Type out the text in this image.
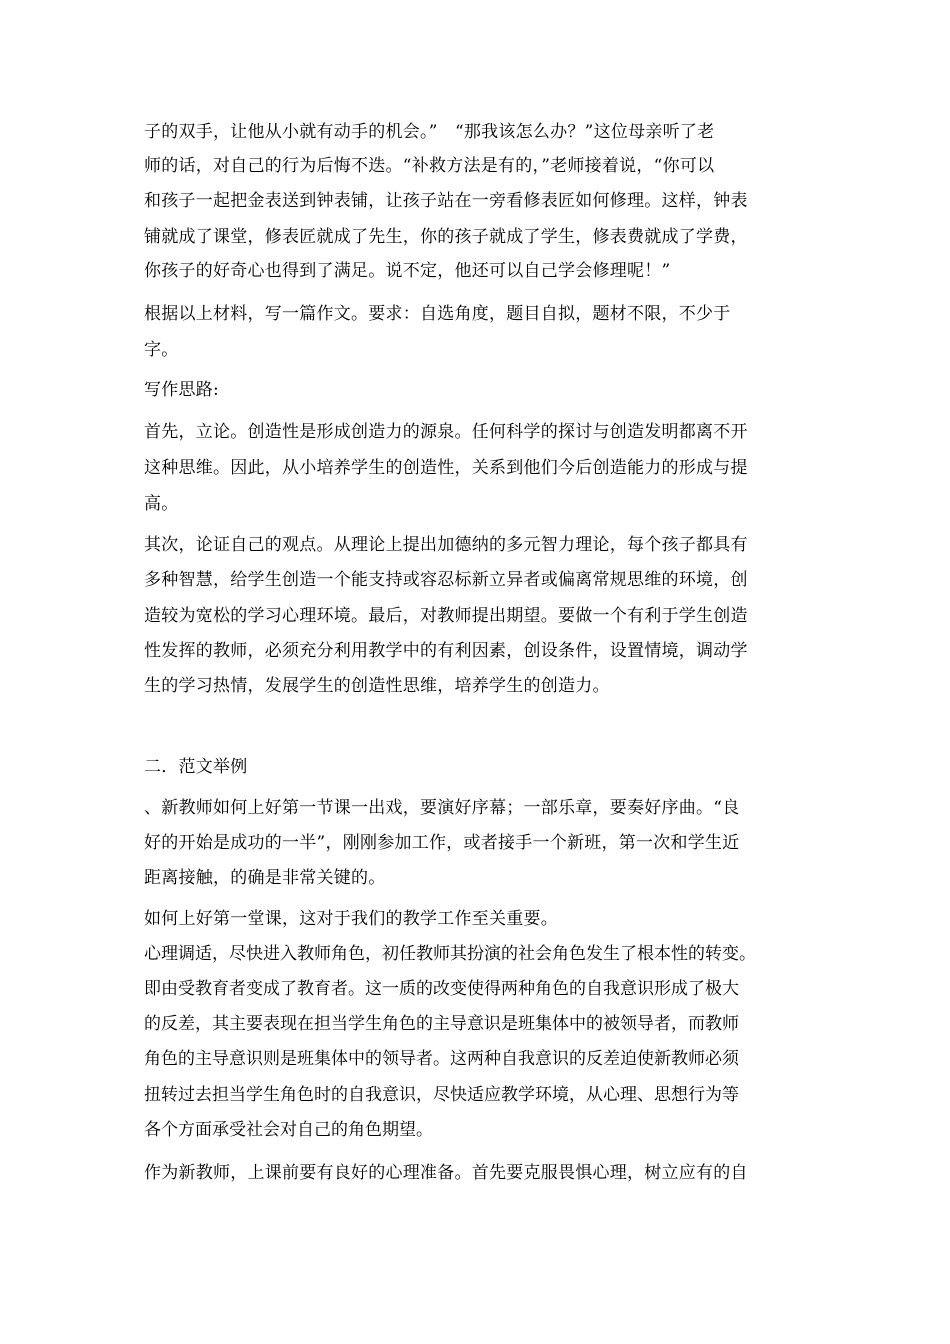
子的双手，让他从小就有动手的机会。”　“那我该怎么办？”这位母亲听了老
师的话，对自己的行为后悔不迭。“补救方法是有的，”老师接着说，“你可以
和孩子一起把金表送到钟表铺，让孩子站在一旁看修表匠如何修理。这样，钟表
铺就成了课堂，修表匠就成了先生，你的孩子就成了学生，修表费就成了学费，
你孩子的好奇心也得到了满足。说不定，他还可以自己学会修理呢！”
根据以上材料，写一篇作文。要求：自选角度，题目自拟，题材不限，不少于
字。
写作思路:
首先，立论。创造性是形成创造力的源泉。任何科学的探讨与创造发明都离不开
这种思维。因此，从小培养学生的创造性，关系到他们今后创造能力的形成与提
高。
其次，论证自己的观点。从理论上提出加德纳的多元智力理论，每个孩子都具有
多种智慧，给学生创造一个能支持或容忍标新立异者或偏离常规思维的环境，创
造较为宽松的学习心理环境。最后，对教师提出期望。要做一个有利于学生创造
性发挥的教师，必须充分利用教学中的有利因素，创设条件，设置情境，调动学
生的学习热情，发展学生的创造性思维，培养学生的创造力。
二．范文举例
、新教师如何上好第一节课一出戏，要演好序幕；一部乐章，要奏好序曲。“良
好的开始是成功的一半”，刚刚参加工作，或者接手一个新班，第一次和学生近
距离接触，的确是非常关键的。
如何上好第一堂课，这对于我们的教学工作至关重要。
心理调适，尽快进入教师角色，初任教师其扮演的社会角色发生了根本性的转变。
即由受教育者变成了教育者。这一质的改变使得两种角色的自我意识形成了极大
的反差，其主要表现在担当学生角色的主导意识是班集体中的被领导者，而教师
角色的主导意识则是班集体中的领导者。这两种自我意识的反差迫使新教师必须
扭转过去担当学生角色时的自我意识，尽快适应教学环境，从心理、思想行为等
各个方面承受社会对自己的角色期望。
作为新教师，上课前要有良好的心理准备。首先要克服畏惧心理，树立应有的自
